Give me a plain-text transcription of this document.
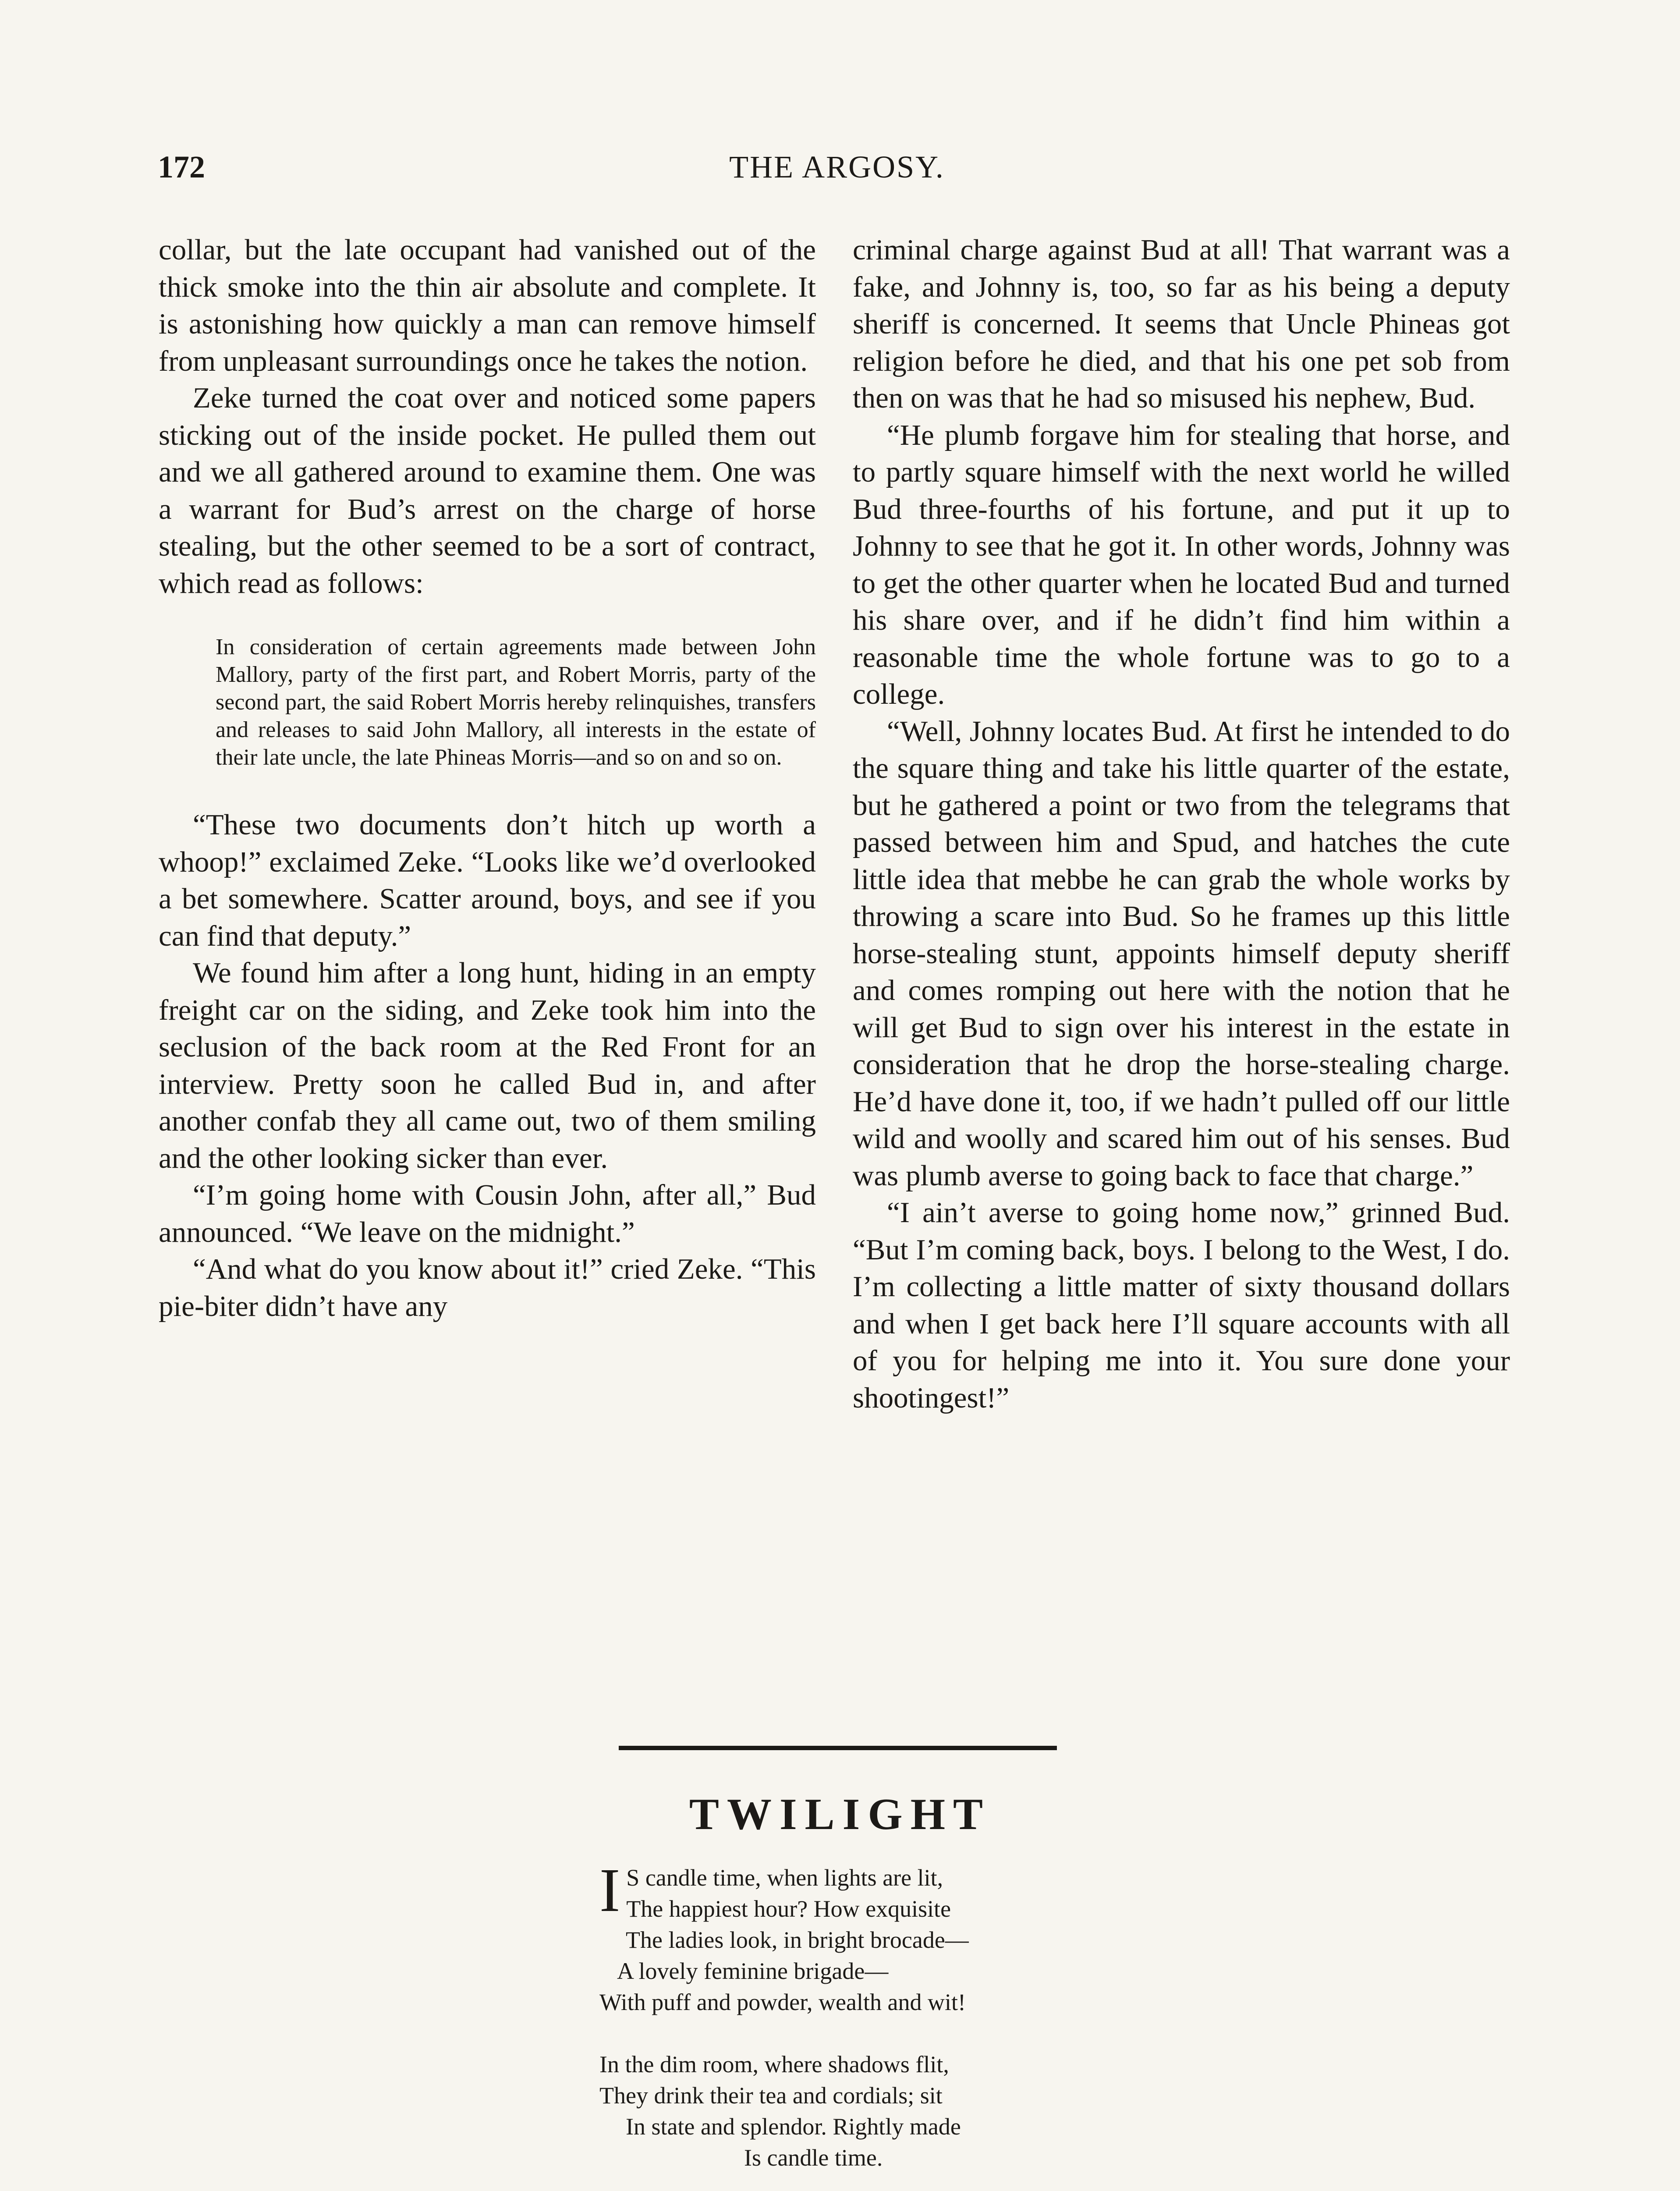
172	THE ARGOSY.

collar, but the late occupant had vanished out of the thick smoke into the thin air absolute and complete. It is astonishing how quickly a man can remove himself from unpleasant surroundings once he takes the notion.

Zeke turned the coat over and noticed some papers sticking out of the inside pocket. He pulled them out and we all gathered around to examine them. One was a warrant for Bud’s arrest on the charge of horse stealing, but the other seemed to be a sort of contract, which read as follows:

In consideration of certain agreements made between John Mallory, party of the first part, and Robert Morris, party of the second part, the said Robert Morris hereby relinquishes, transfers and releases to said John Mallory, all interests in the estate of their late uncle, the late Phineas Morris—and so on and so on.

“These two documents don’t hitch up worth a whoop!” exclaimed Zeke. “Looks like we’d overlooked a bet somewhere. Scatter around, boys, and see if you can find that deputy.”

We found him after a long hunt, hiding in an empty freight car on the siding, and Zeke took him into the seclusion of the back room at the Red Front for an interview. Pretty soon he called Bud in, and after another confab they all came out, two of them smiling and the other looking sicker than ever.

“I’m going home with Cousin John, after all,” Bud announced. “We leave on the midnight.”

“And what do you know about it!” cried Zeke. “This pie-biter didn’t have any

criminal charge against Bud at all! That warrant was a fake, and Johnny is, too, so far as his being a deputy sheriff is concerned. It seems that Uncle Phineas got religion before he died, and that his one pet sob from then on was that he had so misused his nephew, Bud.

“He plumb forgave him for stealing that horse, and to partly square himself with the next world he willed Bud three-fourths of his fortune, and put it up to Johnny to see that he got it. In other words, Johnny was to get the other quarter when he located Bud and turned his share over, and if he didn’t find him within a reasonable time the whole fortune was to go to a college.

“Well, Johnny locates Bud. At first he intended to do the square thing and take his little quarter of the estate, but he gathered a point or two from the telegrams that passed between him and Spud, and hatches the cute little idea that mebbe he can grab the whole works by throwing a scare into Bud. So he frames up this little horse-stealing stunt, appoints himself deputy sheriff and comes romping out here with the notion that he will get Bud to sign over his interest in the estate in consideration that he drop the horse-stealing charge. He’d have done it, too, if we hadn’t pulled off our little wild and woolly and scared him out of his senses. Bud was plumb averse to going back to face that charge.”

“I ain’t averse to going home now,” grinned Bud. “But I’m coming back, boys. I belong to the West, I do. I’m collecting a little matter of sixty thousand dollars and when I get back here I’ll square accounts with all of you for helping me into it. You sure done your shootingest!”

TWILIGHT
I S candle time, when lights are lit,
The happiest hour? How exquisite
The ladies look, in bright brocade—
A lovely feminine brigade—
With puff and powder, wealth and wit!
In the dim room, where shadows flit,
They drink their tea and cordials; sit
In state and splendor. Rightly made
Is candle time.
